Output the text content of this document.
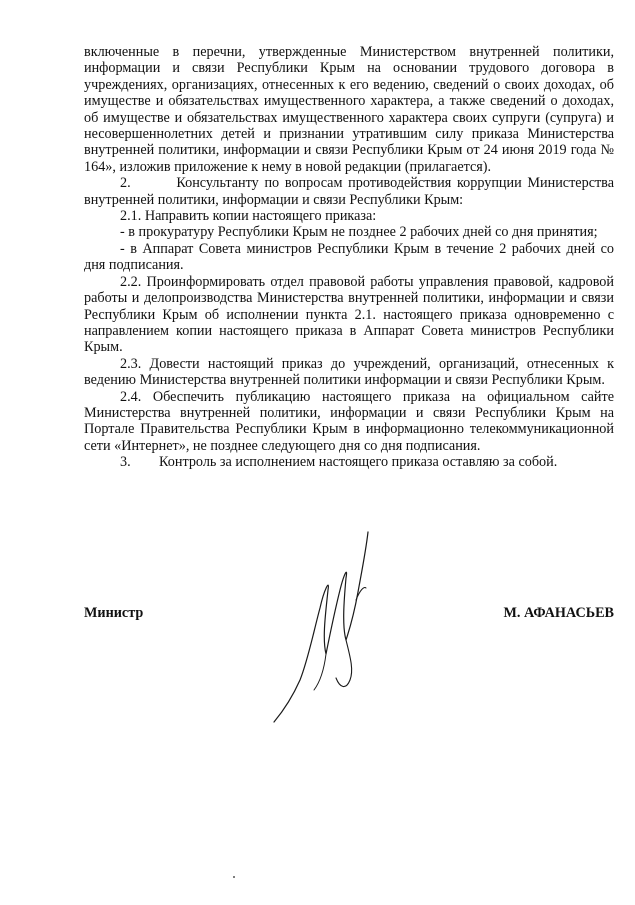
включенные в перечни, утвержденные Министерством внутренней политики, информации и связи Республики Крым на основании трудового договора в учреждениях, организациях, отнесенных к его ведению, сведений о своих доходах, об имуществе и обязательствах имущественного характера, а также сведений о доходах, об имуществе и обязательствах имущественного характера своих супруги (супруга) и несовершеннолетних детей и признании утратившим силу приказа Министерства внутренней политики, информации и связи Республики Крым от 24 июня 2019 года № 164», изложив приложение к нему в новой редакции (прилагается).

2.        Консультанту по вопросам противодействия коррупции Министерства внутренней политики, информации и связи Республики Крым:

2.1. Направить копии настоящего приказа:

- в прокуратуру Республики Крым не позднее 2 рабочих дней со дня принятия;

- в Аппарат Совета министров Республики Крым в течение 2 рабочих дней со дня подписания.

2.2. Проинформировать отдел правовой работы управления правовой, кадровой работы и делопроизводства Министерства внутренней политики, информации и связи Республики Крым об исполнении пункта 2.1. настоящего приказа одновременно с направлением копии настоящего приказа в Аппарат Совета министров Республики Крым.

2.3. Довести настоящий приказ до учреждений, организаций, отнесенных к ведению Министерства внутренней политики информации и связи Республики Крым.

2.4. Обеспечить публикацию настоящего приказа на официальном сайте Министерства внутренней политики, информации и связи Республики Крым на Портале Правительства Республики Крым в информационно телекоммуникационной сети «Интернет», не позднее следующего дня со дня подписания.

3.        Контроль за исполнением настоящего приказа оставляю за собой.

Министр	М. АФАНАСЬЕВ
